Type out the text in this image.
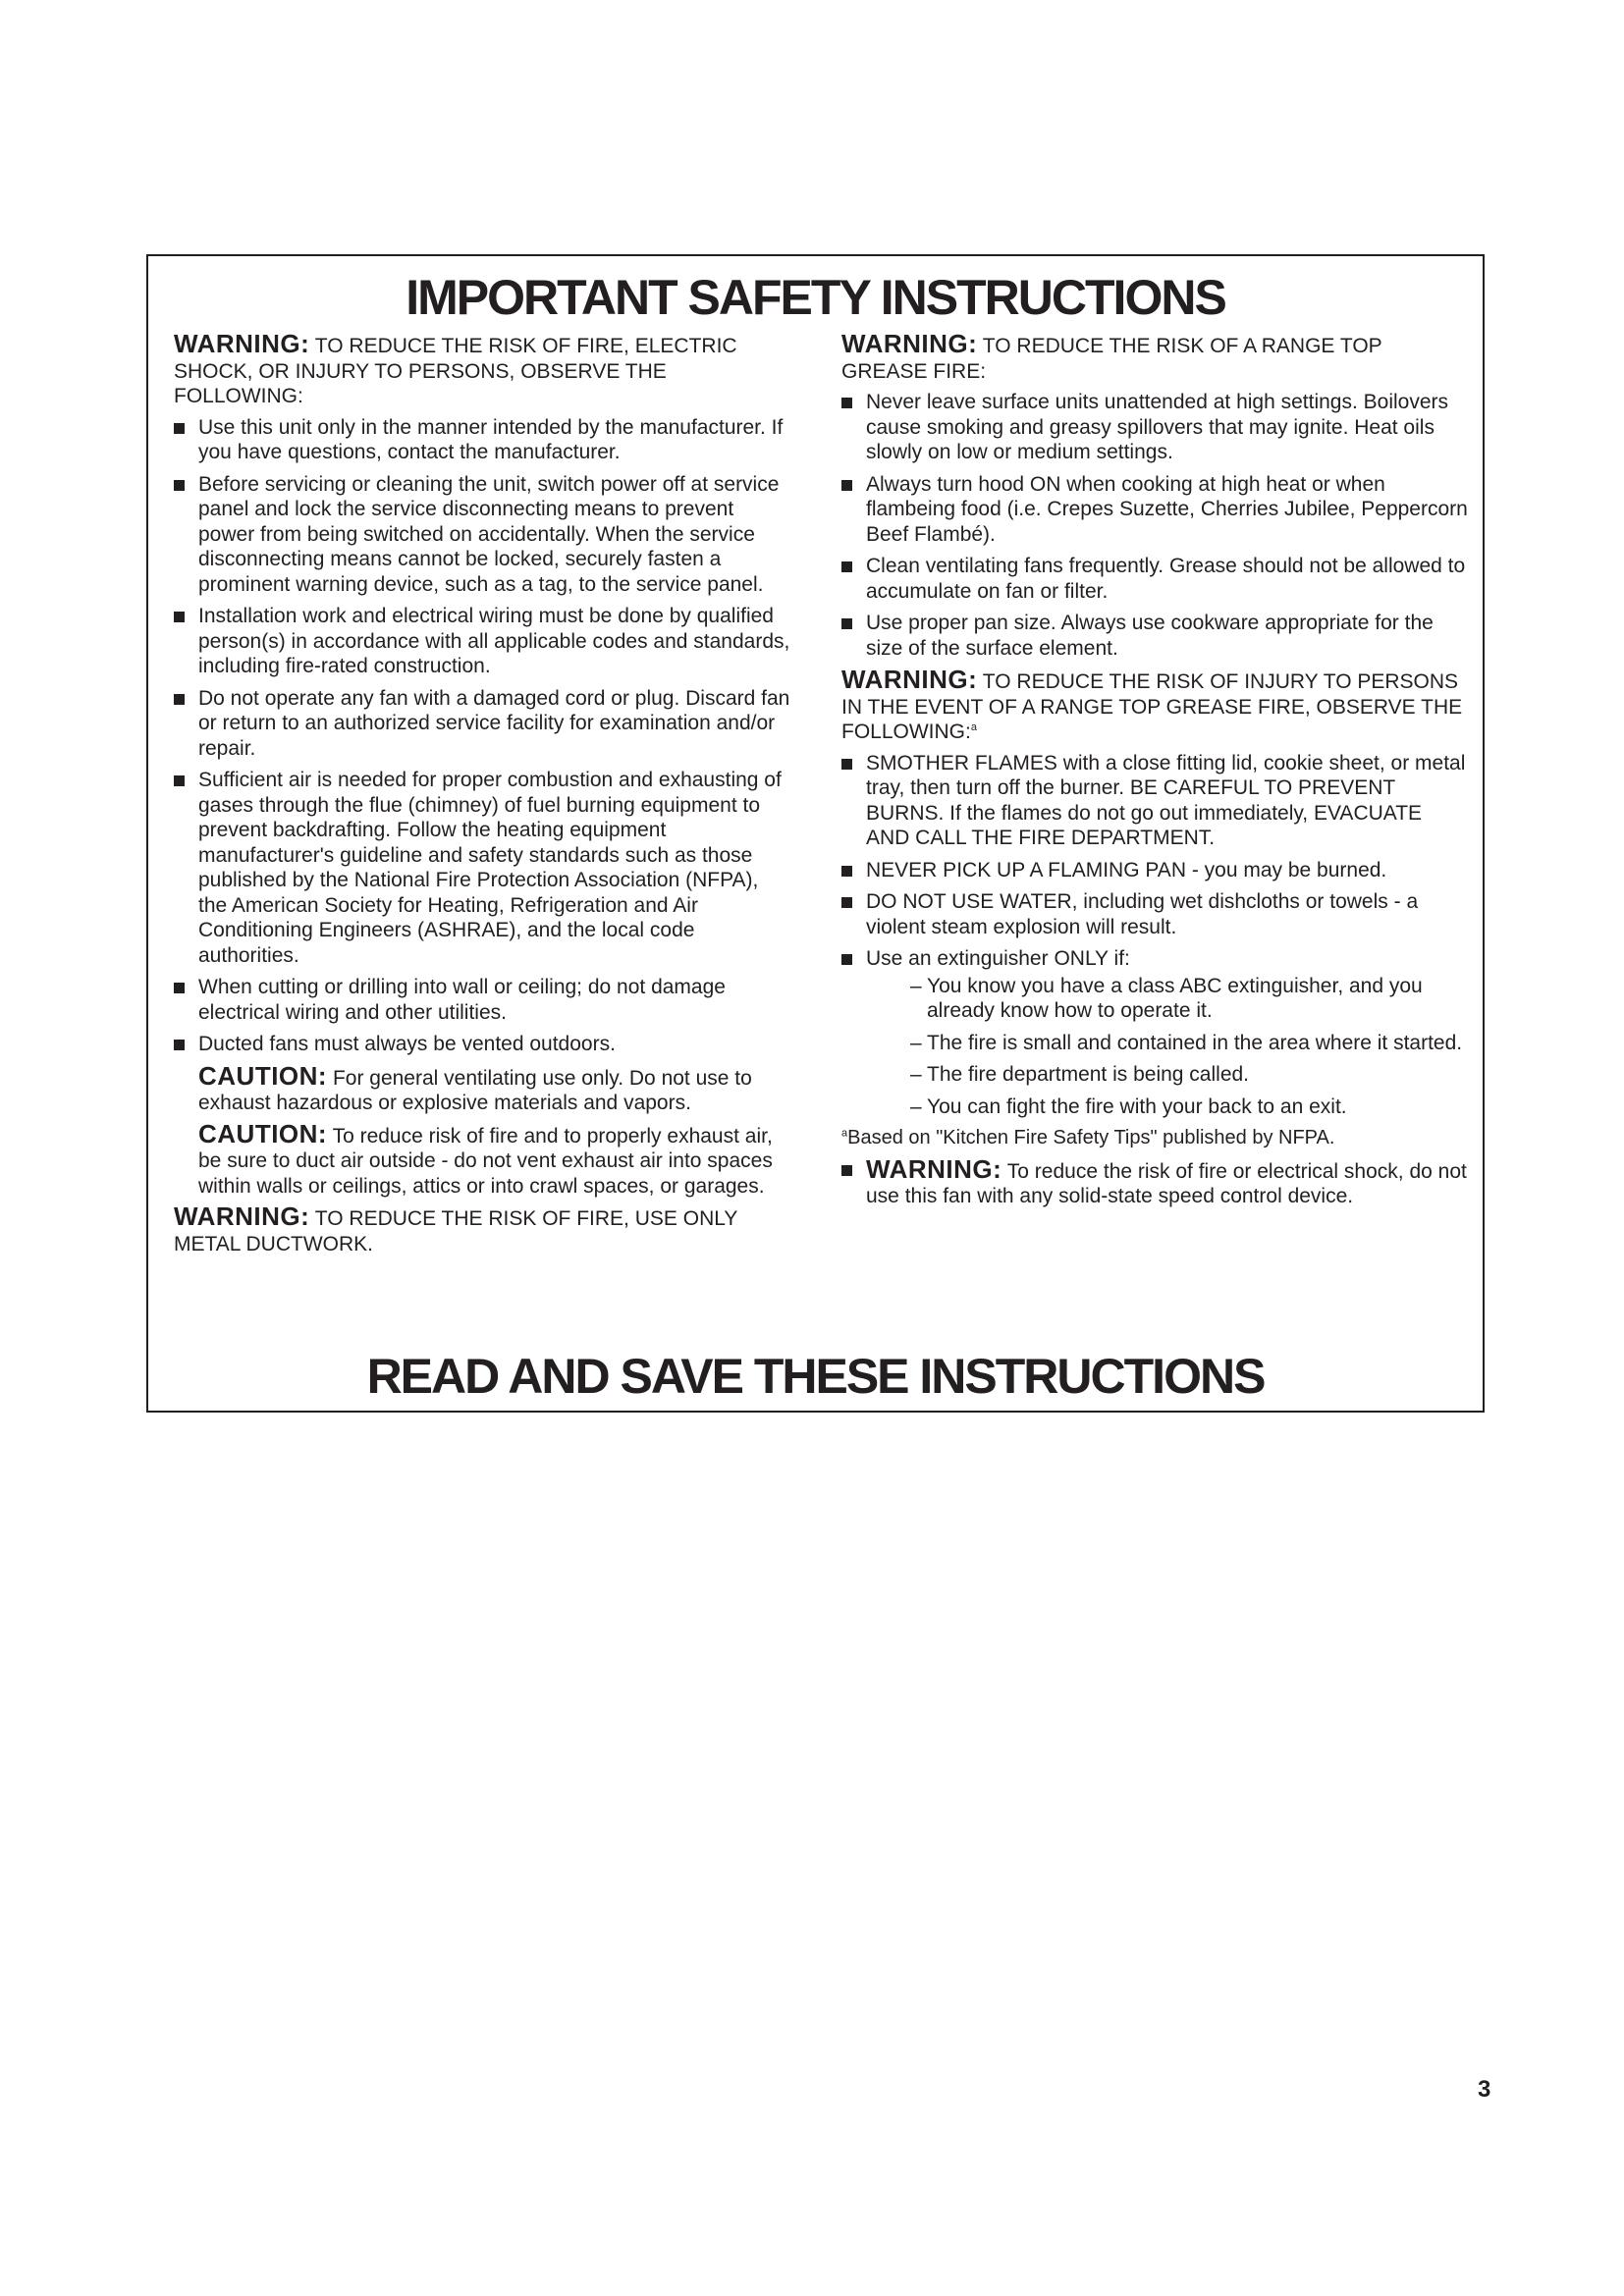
IMPORTANT SAFETY INSTRUCTIONS

WARNING: TO REDUCE THE RISK OF FIRE, ELECTRIC SHOCK, OR INJURY TO PERSONS, OBSERVE THE FOLLOWING:

Use this unit only in the manner intended by the manufacturer. If you have questions, contact the manufacturer.
Before servicing or cleaning the unit, switch power off at service panel and lock the service disconnecting means to prevent power from being switched on accidentally. When the service disconnecting means cannot be locked, securely fasten a prominent warning device, such as a tag, to the service panel.
Installation work and electrical wiring must be done by qualified person(s) in accordance with all applicable codes and standards, including fire-rated construction.
Do not operate any fan with a damaged cord or plug. Discard fan or return to an authorized service facility for examination and/or repair.
Sufficient air is needed for proper combustion and exhausting of gases through the flue (chimney) of fuel burning equipment to prevent backdrafting. Follow the heating equipment manufacturer's guideline and safety standards such as those published by the National Fire Protection Association (NFPA), the American Society for Heating, Refrigeration and Air Conditioning Engineers (ASHRAE), and the local code authorities.
When cutting or drilling into wall or ceiling; do not damage electrical wiring and other utilities.
Ducted fans must always be vented outdoors.

CAUTION: For general ventilating use only. Do not use to exhaust hazardous or explosive materials and vapors.

CAUTION: To reduce risk of fire and to properly exhaust air, be sure to duct air outside - do not vent exhaust air into spaces within walls or ceilings, attics or into crawl spaces, or garages.

WARNING: TO REDUCE THE RISK OF FIRE, USE ONLY METAL DUCTWORK.

WARNING: TO REDUCE THE RISK OF A RANGE TOP GREASE FIRE:

Never leave surface units unattended at high settings. Boilovers cause smoking and greasy spillovers that may ignite. Heat oils slowly on low or medium settings.
Always turn hood ON when cooking at high heat or when flambeing food (i.e. Crepes Suzette, Cherries Jubilee, Peppercorn Beef Flambé).
Clean ventilating fans frequently. Grease should not be allowed to accumulate on fan or filter.
Use proper pan size. Always use cookware appropriate for the size of the surface element.

WARNING: TO REDUCE THE RISK OF INJURY TO PERSONS IN THE EVENT OF A RANGE TOP GREASE FIRE, OBSERVE THE FOLLOWING:$^a$

SMOTHER FLAMES with a close fitting lid, cookie sheet, or metal tray, then turn off the burner. BE CAREFUL TO PREVENT BURNS. If the flames do not go out immediately, EVACUATE AND CALL THE FIRE DEPARTMENT.
NEVER PICK UP A FLAMING PAN - you may be burned.
DO NOT USE WATER, including wet dishcloths or towels - a violent steam explosion will result.
Use an extinguisher ONLY if:
– You know you have a class ABC extinguisher, and you already know how to operate it.
– The fire is small and contained in the area where it started.
– The fire department is being called.
– You can fight the fire with your back to an exit.

$^a$Based on "Kitchen Fire Safety Tips" published by NFPA.

WARNING: To reduce the risk of fire or electrical shock, do not use this fan with any solid-state speed control device.
READ AND SAVE THESE INSTRUCTIONS
3
